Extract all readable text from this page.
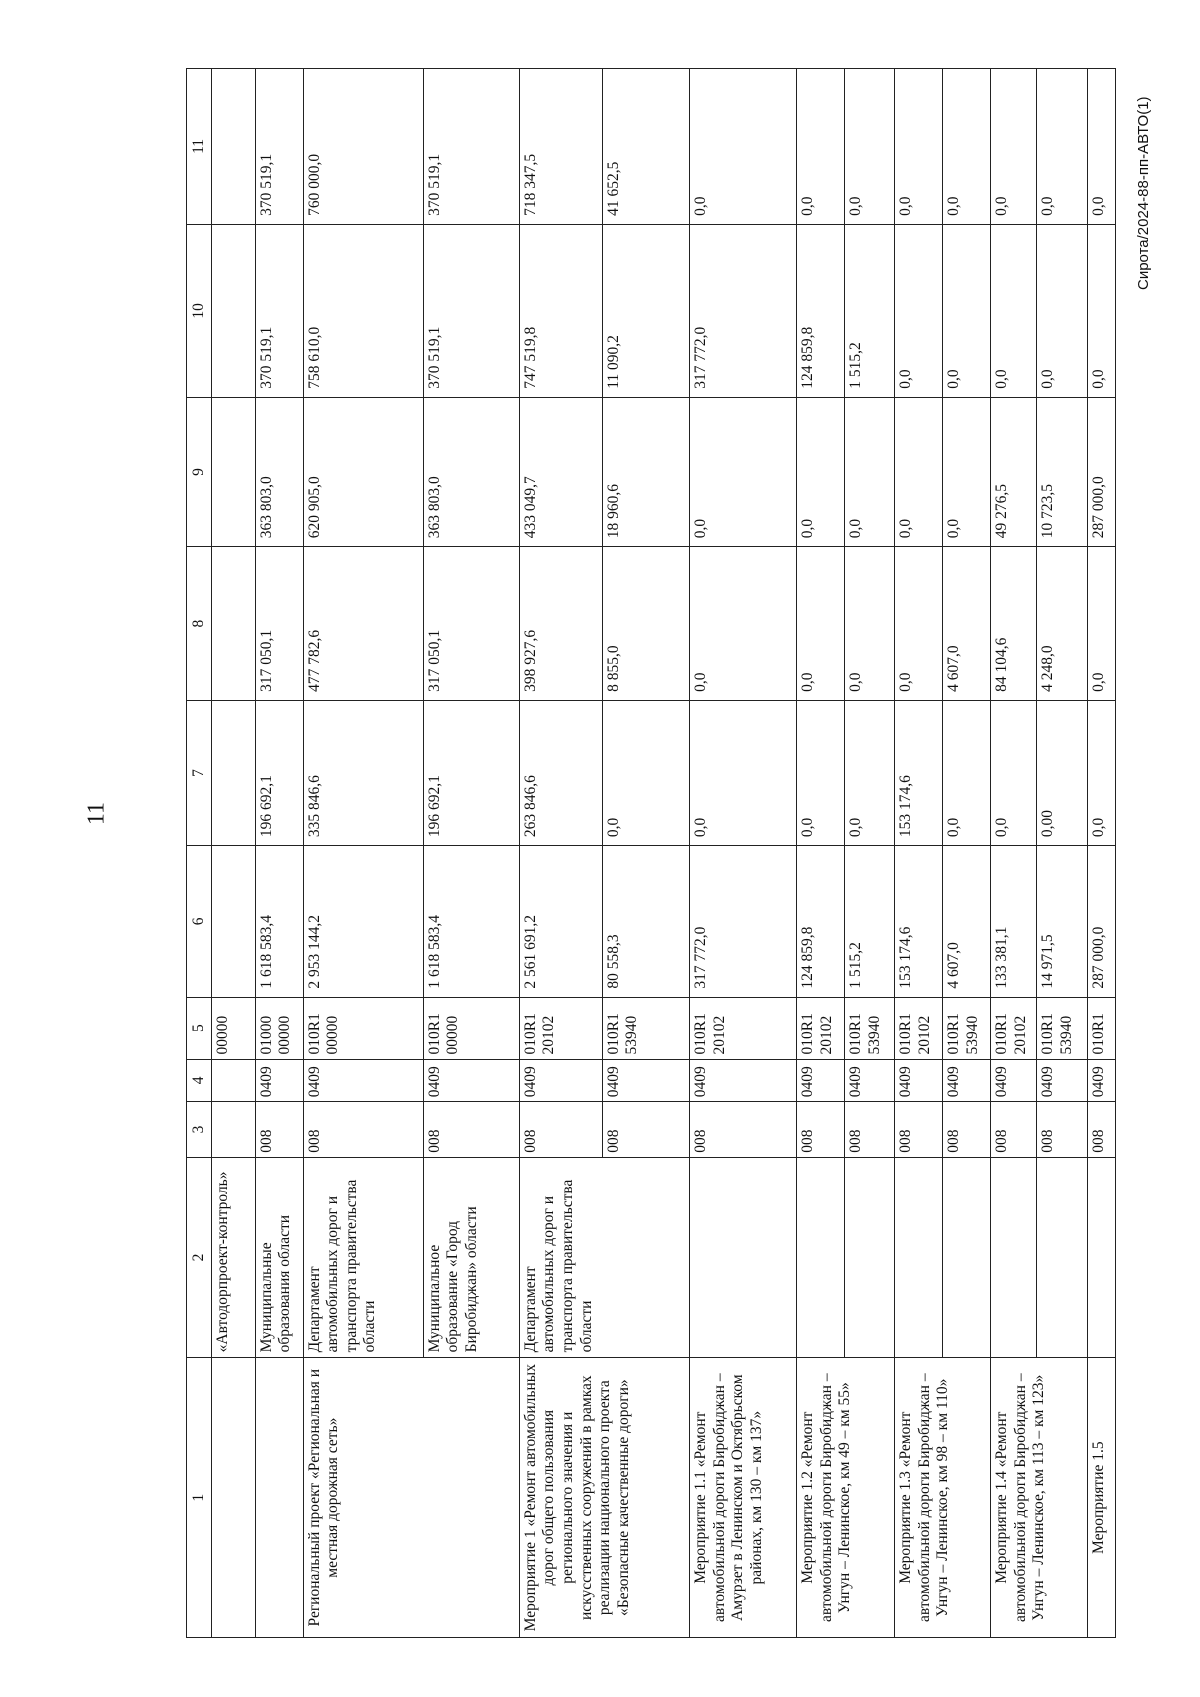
11
Сирота/2024-88-пп-АВТО(1)
1	2	3	4	5	6	7	8	9	10	11
	«Автодорпроект-контроль»			00000						
	Муниципальные образования области	008	0409	01000 00000	1 618 583,4	196 692,1	317 050,1	363 803,0	370 519,1	370 519,1
Региональный проект «Региональная и местная дорожная сеть»	Департамент автомобильных дорог и транспорта правительства области	008	0409	010R1 00000	2 953 144,2	335 846,6	477 782,6	620 905,0	758 610,0	760 000,0
	Муниципальное образование «Город Биробиджан» области	008	0409	010R1 00000	1 618 583,4	196 692,1	317 050,1	363 803,0	370 519,1	370 519,1
Мероприятие 1 «Ремонт автомобильных дорог общего пользования регионального значения и искусственных сооружений в рамках реализации национального проекта «Безопасные качественные дороги»	Департамент автомобильных дорог и транспорта правительства области	008	0409	010R1 20102	2 561 691,2	263 846,6	398 927,6	433 049,7	747 519,8	718 347,5
		008	0409	010R1 53940	80 558,3	0,0	8 855,0	18 960,6	11 090,2	41 652,5
Мероприятие 1.1 «Ремонт автомобильной дороги Биробиджан – Амурзет в Ленинском и Октябрьском районах, км 130 – км 137»		008	0409	010R1 20102	317 772,0	0,0	0,0	0,0	317 772,0	0,0
Мероприятие 1.2 «Ремонт автомобильной дороги Биробиджан – Унгун – Ленинское, км 49 – км 55»		008	0409	010R1 20102	124 859,8	0,0	0,0	0,0	124 859,8	0,0
		008	0409	010R1 53940	1 515,2	0,0	0,0	0,0	1 515,2	0,0
Мероприятие 1.3 «Ремонт автомобильной дороги Биробиджан – Унгун – Ленинское, км 98 – км 110»		008	0409	010R1 20102	153 174,6	153 174,6	0,0	0,0	0,0	0,0
		008	0409	010R1 53940	4 607,0	0,0	4 607,0	0,0	0,0	0,0
Мероприятие 1.4 «Ремонт автомобильной дороги Биробиджан – Унгун – Ленинское, км 113 – км 123»		008	0409	010R1 20102	133 381,1	0,0	84 104,6	49 276,5	0,0	0,0
		008	0409	010R1 53940	14 971,5	0,00	4 248,0	10 723,5	0,0	0,0
Мероприятие 1.5		008	0409	010R1	287 000,0	0,0	0,0	287 000,0	0,0	0,0
